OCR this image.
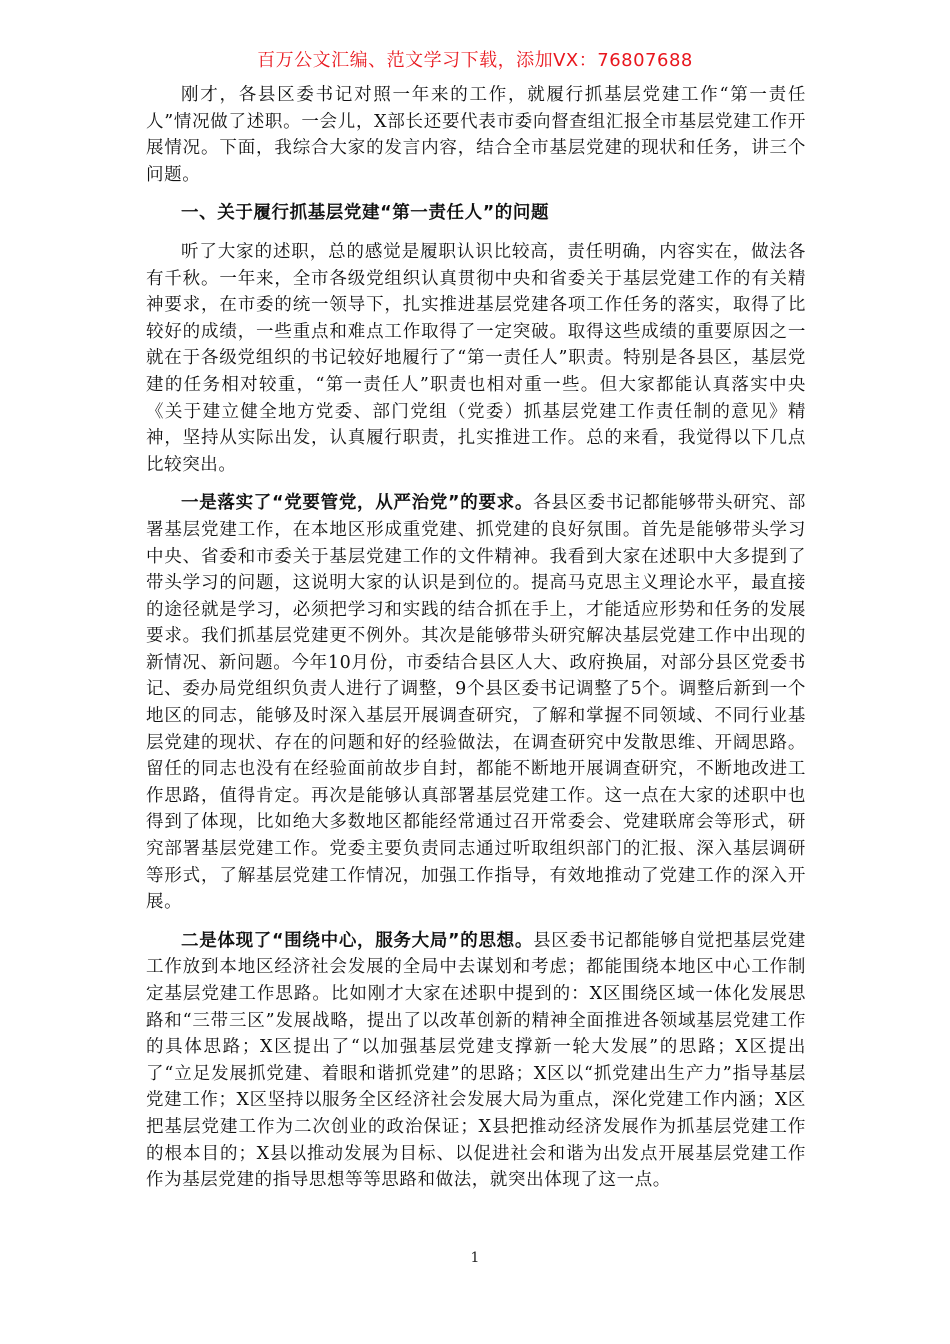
百万公文汇编、范文学习下载，添加VX：76807688

刚才，各县区委书记对照一年来的工作，就履行抓基层党建工作“第一责任人”情况做了述职。一会儿，X部长还要代表市委向督查组汇报全市基层党建工作开展情况。下面，我综合大家的发言内容，结合全市基层党建的现状和任务，讲三个问题。

一、关于履行抓基层党建“第一责任人”的问题

听了大家的述职，总的感觉是履职认识比较高，责任明确，内容实在，做法各有千秋。一年来，全市各级党组织认真贯彻中央和省委关于基层党建工作的有关精神要求，在市委的统一领导下，扎实推进基层党建各项工作任务的落实，取得了比较好的成绩，一些重点和难点工作取得了一定突破。取得这些成绩的重要原因之一就在于各级党组织的书记较好地履行了“第一责任人”职责。特别是各县区，基层党建的任务相对较重，“第一责任人”职责也相对重一些。但大家都能认真落实中央《关于建立健全地方党委、部门党组（党委）抓基层党建工作责任制的意见》精神，坚持从实际出发，认真履行职责，扎实推进工作。总的来看，我觉得以下几点比较突出。

一是落实了“党要管党，从严治党”的要求。各县区委书记都能够带头研究、部署基层党建工作，在本地区形成重党建、抓党建的良好氛围。首先是能够带头学习中央、省委和市委关于基层党建工作的文件精神。我看到大家在述职中大多提到了带头学习的问题，这说明大家的认识是到位的。提高马克思主义理论水平，最直接的途径就是学习，必须把学习和实践的结合抓在手上，才能适应形势和任务的发展要求。我们抓基层党建更不例外。其次是能够带头研究解决基层党建工作中出现的新情况、新问题。今年10月份，市委结合县区人大、政府换届，对部分县区党委书记、委办局党组织负责人进行了调整，9个县区委书记调整了5个。调整后新到一个地区的同志，能够及时深入基层开展调查研究，了解和掌握不同领域、不同行业基层党建的现状、存在的问题和好的经验做法，在调查研究中发散思维、开阔思路。留任的同志也没有在经验面前故步自封，都能不断地开展调查研究，不断地改进工作思路，值得肯定。再次是能够认真部署基层党建工作。这一点在大家的述职中也得到了体现，比如绝大多数地区都能经常通过召开常委会、党建联席会等形式，研究部署基层党建工作。党委主要负责同志通过听取组织部门的汇报、深入基层调研等形式，了解基层党建工作情况，加强工作指导，有效地推动了党建工作的深入开展。

二是体现了“围绕中心，服务大局”的思想。县区委书记都能够自觉把基层党建工作放到本地区经济社会发展的全局中去谋划和考虑；都能围绕本地区中心工作制定基层党建工作思路。比如刚才大家在述职中提到的：X区围绕区域一体化发展思路和“三带三区”发展战略，提出了以改革创新的精神全面推进各领域基层党建工作的具体思路；X区提出了“以加强基层党建支撑新一轮大发展”的思路；X区提出了“立足发展抓党建、着眼和谐抓党建”的思路；X区以“抓党建出生产力”指导基层党建工作；X区坚持以服务全区经济社会发展大局为重点，深化党建工作内涵；X区把基层党建工作为二次创业的政治保证；X县把推动经济发展作为抓基层党建工作的根本目的；X县以推动发展为目标、以促进社会和谐为出发点开展基层党建工作作为基层党建的指导思想等等思路和做法，就突出体现了这一点。

1
